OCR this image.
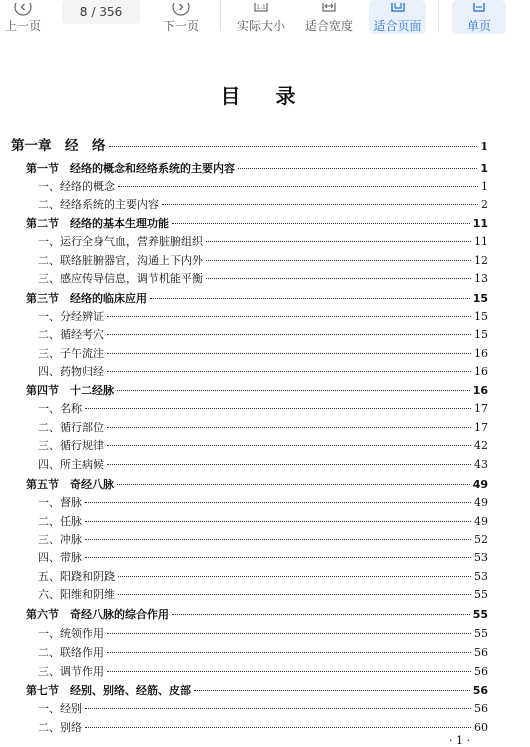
上一页
8 / 356
下一页
1:1
实际大小 适合宽度 适合页面	单页
目 录
第一章　经　络	1
第一节　经络的概念和经络系统的主要内容	1
一、经络的概念	1
二、经络系统的主要内容	2
第二节　经络的基本生理功能	11
一、运行全身气血，营养脏腑组织	11
二、联络脏腑器官，沟通上下内外	12
三、感应传导信息，调节机能平衡	13
第三节　经络的临床应用	15
一、分经辨证	15
二、循经考穴	15
三、子午流注	16
四、药物归经	16
第四节　十二经脉	16
一、名称	17
二、循行部位	17
三、循行规律	42
四、所主病候	43
第五节　奇经八脉	49
一、督脉	49
二、任脉	49
三、冲脉	52
四、带脉	53
五、阳跷和阴跷	53
六、阳维和阴维	55
第六节　奇经八脉的综合作用	55
一、统领作用	55
二、联络作用	56
三、调节作用	56
第七节　经别、别络、经筋、皮部	56
一、经别	56
二、别络	60
· 1 ·
